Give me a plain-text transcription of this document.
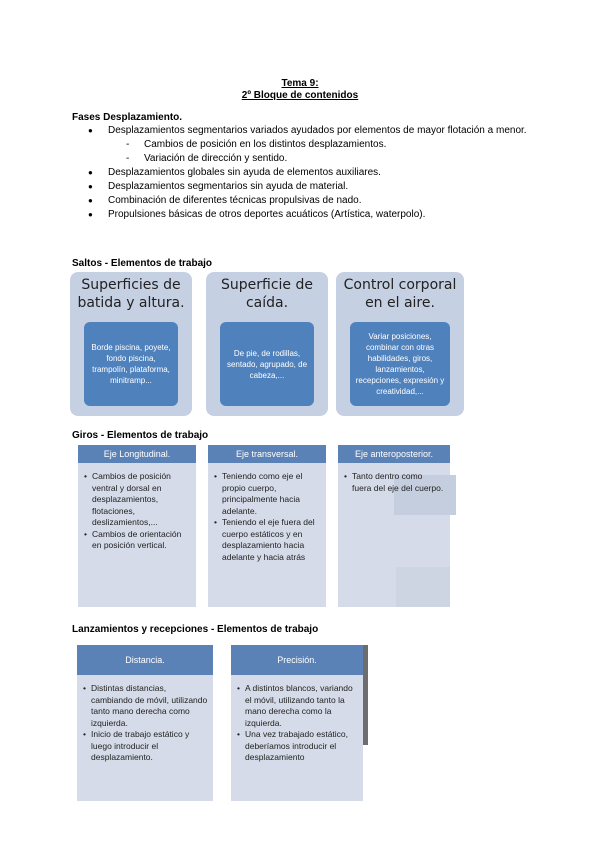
Tema 9:
2º Bloque de contenidos
Fases Desplazamiento.
● Desplazamientos segmentarios variados ayudados por elementos de mayor flotación a menor.
- Cambios de posición en los distintos desplazamientos.
- Variación de dirección y sentido.
● Desplazamientos globales sin ayuda de elementos auxiliares.
● Desplazamientos segmentarios sin ayuda de material.
● Combinación de diferentes técnicas propulsivas de nado.
● Propulsiones básicas de otros deportes acuáticos (Artística, waterpolo).
Saltos - Elementos de trabajo
Superficies de batida y altura.
Borde piscina, poyete, fondo piscina, trampolín, plataforma, minitramp...
Superficie de caída.
De pie, de rodillas, sentado, agrupado, de cabeza,...
Control corporal en el aire.
Variar posiciones, combinar con otras habilidades, giros, lanzamientos, recepciones, expresión y creatividad,...
Giros - Elementos de trabajo
Eje Longitudinal.
• Cambios de posición ventral y dorsal en desplazamientos, flotaciones, deslizamientos,...
• Cambios de orientación en posición vertical.
Eje transversal.
• Teniendo como eje el propio cuerpo, principalmente hacia adelante.
• Teniendo el eje fuera del cuerpo estáticos y en desplazamiento hacia adelante y hacia atrás
Eje anteroposterior.
• Tanto dentro como fuera del eje del cuerpo.
Lanzamientos y recepciones - Elementos de trabajo
Distancia.
• Distintas distancias, cambiando de móvil, utilizando tanto mano derecha como izquierda.
• Inicio de trabajo estático y luego introducir el desplazamiento.
Precisión.
• A distintos blancos, variando el móvil, utilizando tanto la mano derecha como la izquierda.
• Una vez trabajado estático, deberíamos introducir el desplazamiento
